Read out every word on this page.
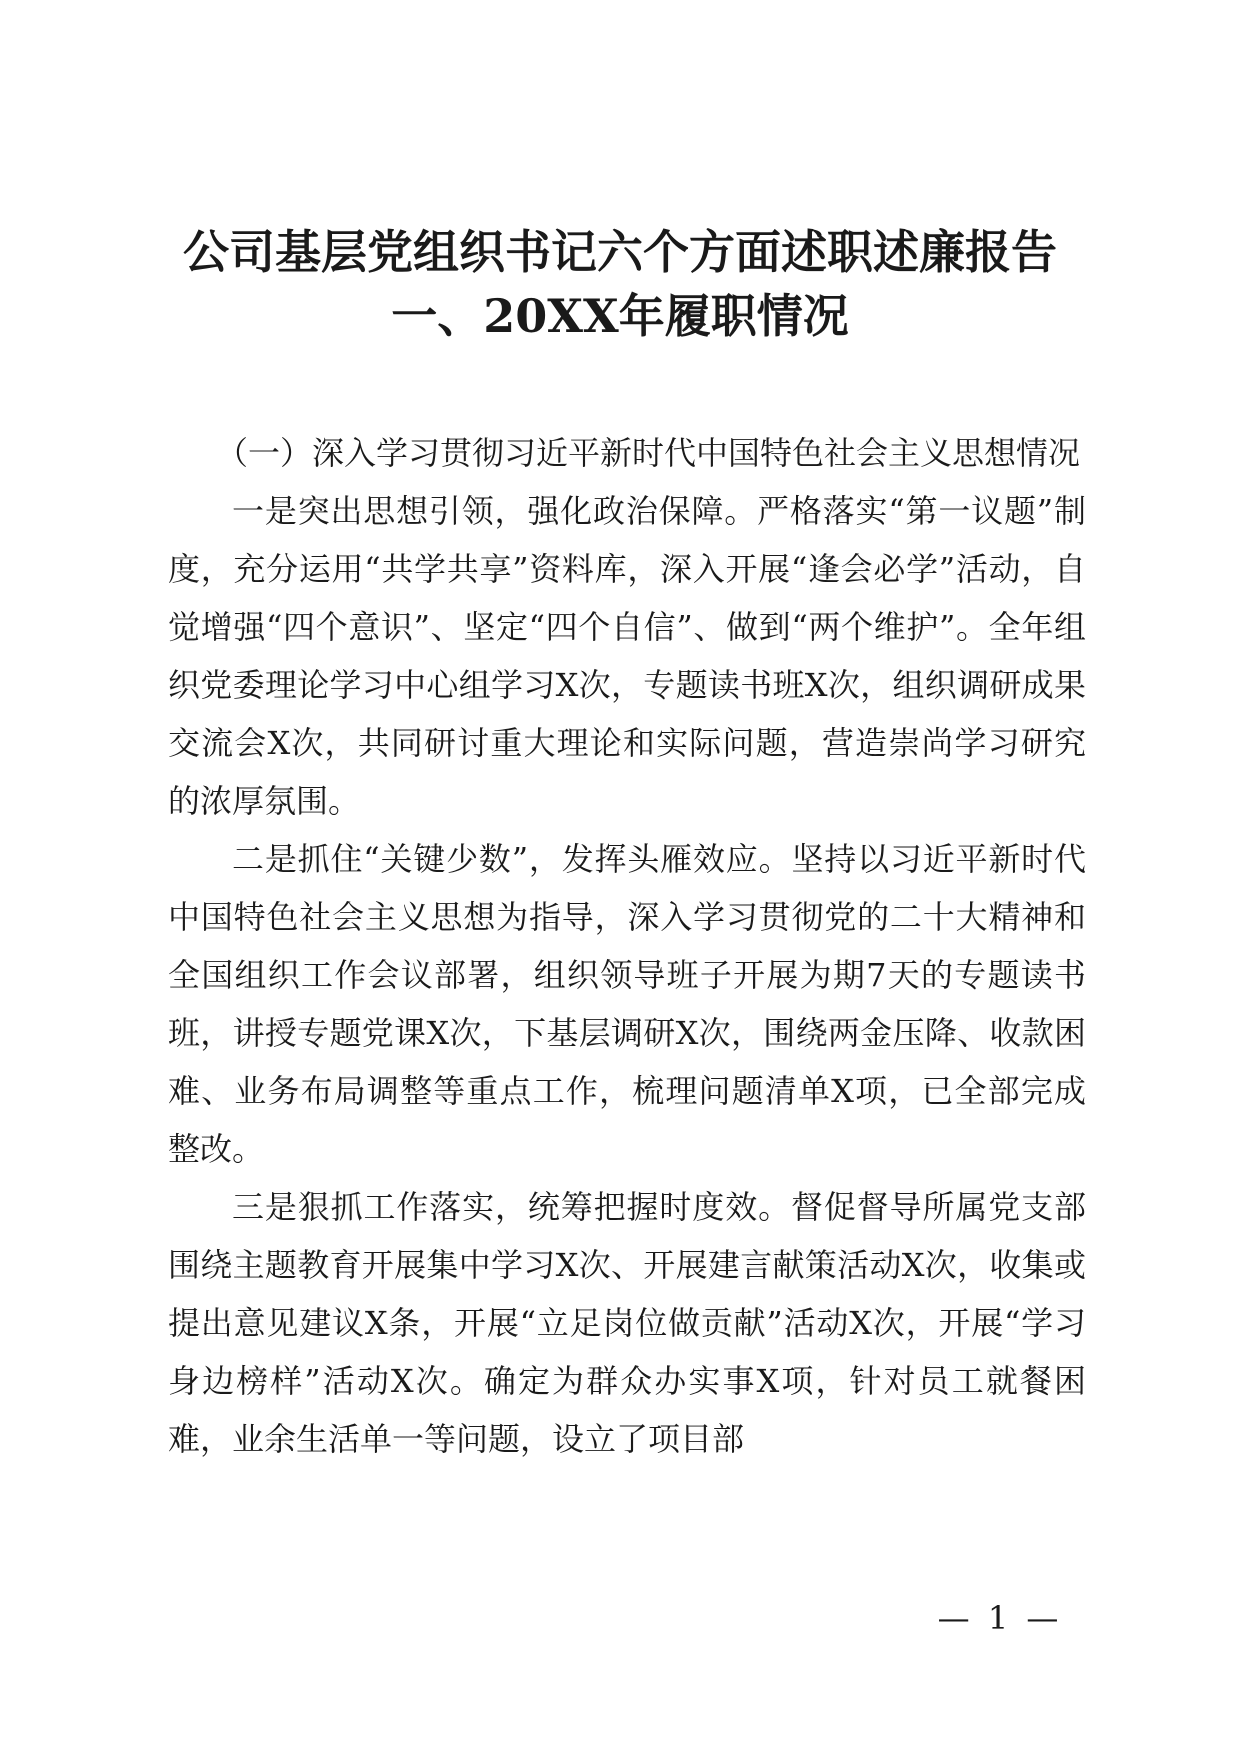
公司基层党组织书记六个方面述职述廉报告
一、20XX年履职情况

（一）深入学习贯彻习近平新时代中国特色社会主义思想情况

一是突出思想引领，强化政治保障。严格落实“第一议题”制度，充分运用“共学共享”资料库，深入开展“逢会必学”活动，自觉增强“四个意识”、坚定“四个自信”、做到“两个维护”。全年组织党委理论学习中心组学习X次，专题读书班X次，组织调研成果交流会X次，共同研讨重大理论和实际问题，营造崇尚学习研究的浓厚氛围。

二是抓住“关键少数”，发挥头雁效应。坚持以习近平新时代中国特色社会主义思想为指导，深入学习贯彻党的二十大精神和全国组织工作会议部署，组织领导班子开展为期7天的专题读书班，讲授专题党课X次，下基层调研X次，围绕两金压降、收款困难、业务布局调整等重点工作，梳理问题清单X项，已全部完成整改。

三是狠抓工作落实，统筹把握时度效。督促督导所属党支部围绕主题教育开展集中学习X次、开展建言献策活动X次，收集或提出意见建议X条，开展“立足岗位做贡献”活动X次，开展“学习身边榜样”活动X次。确定为群众办实事X项，针对员工就餐困难，业余生活单一等问题，设立了项目部

— 1 —
